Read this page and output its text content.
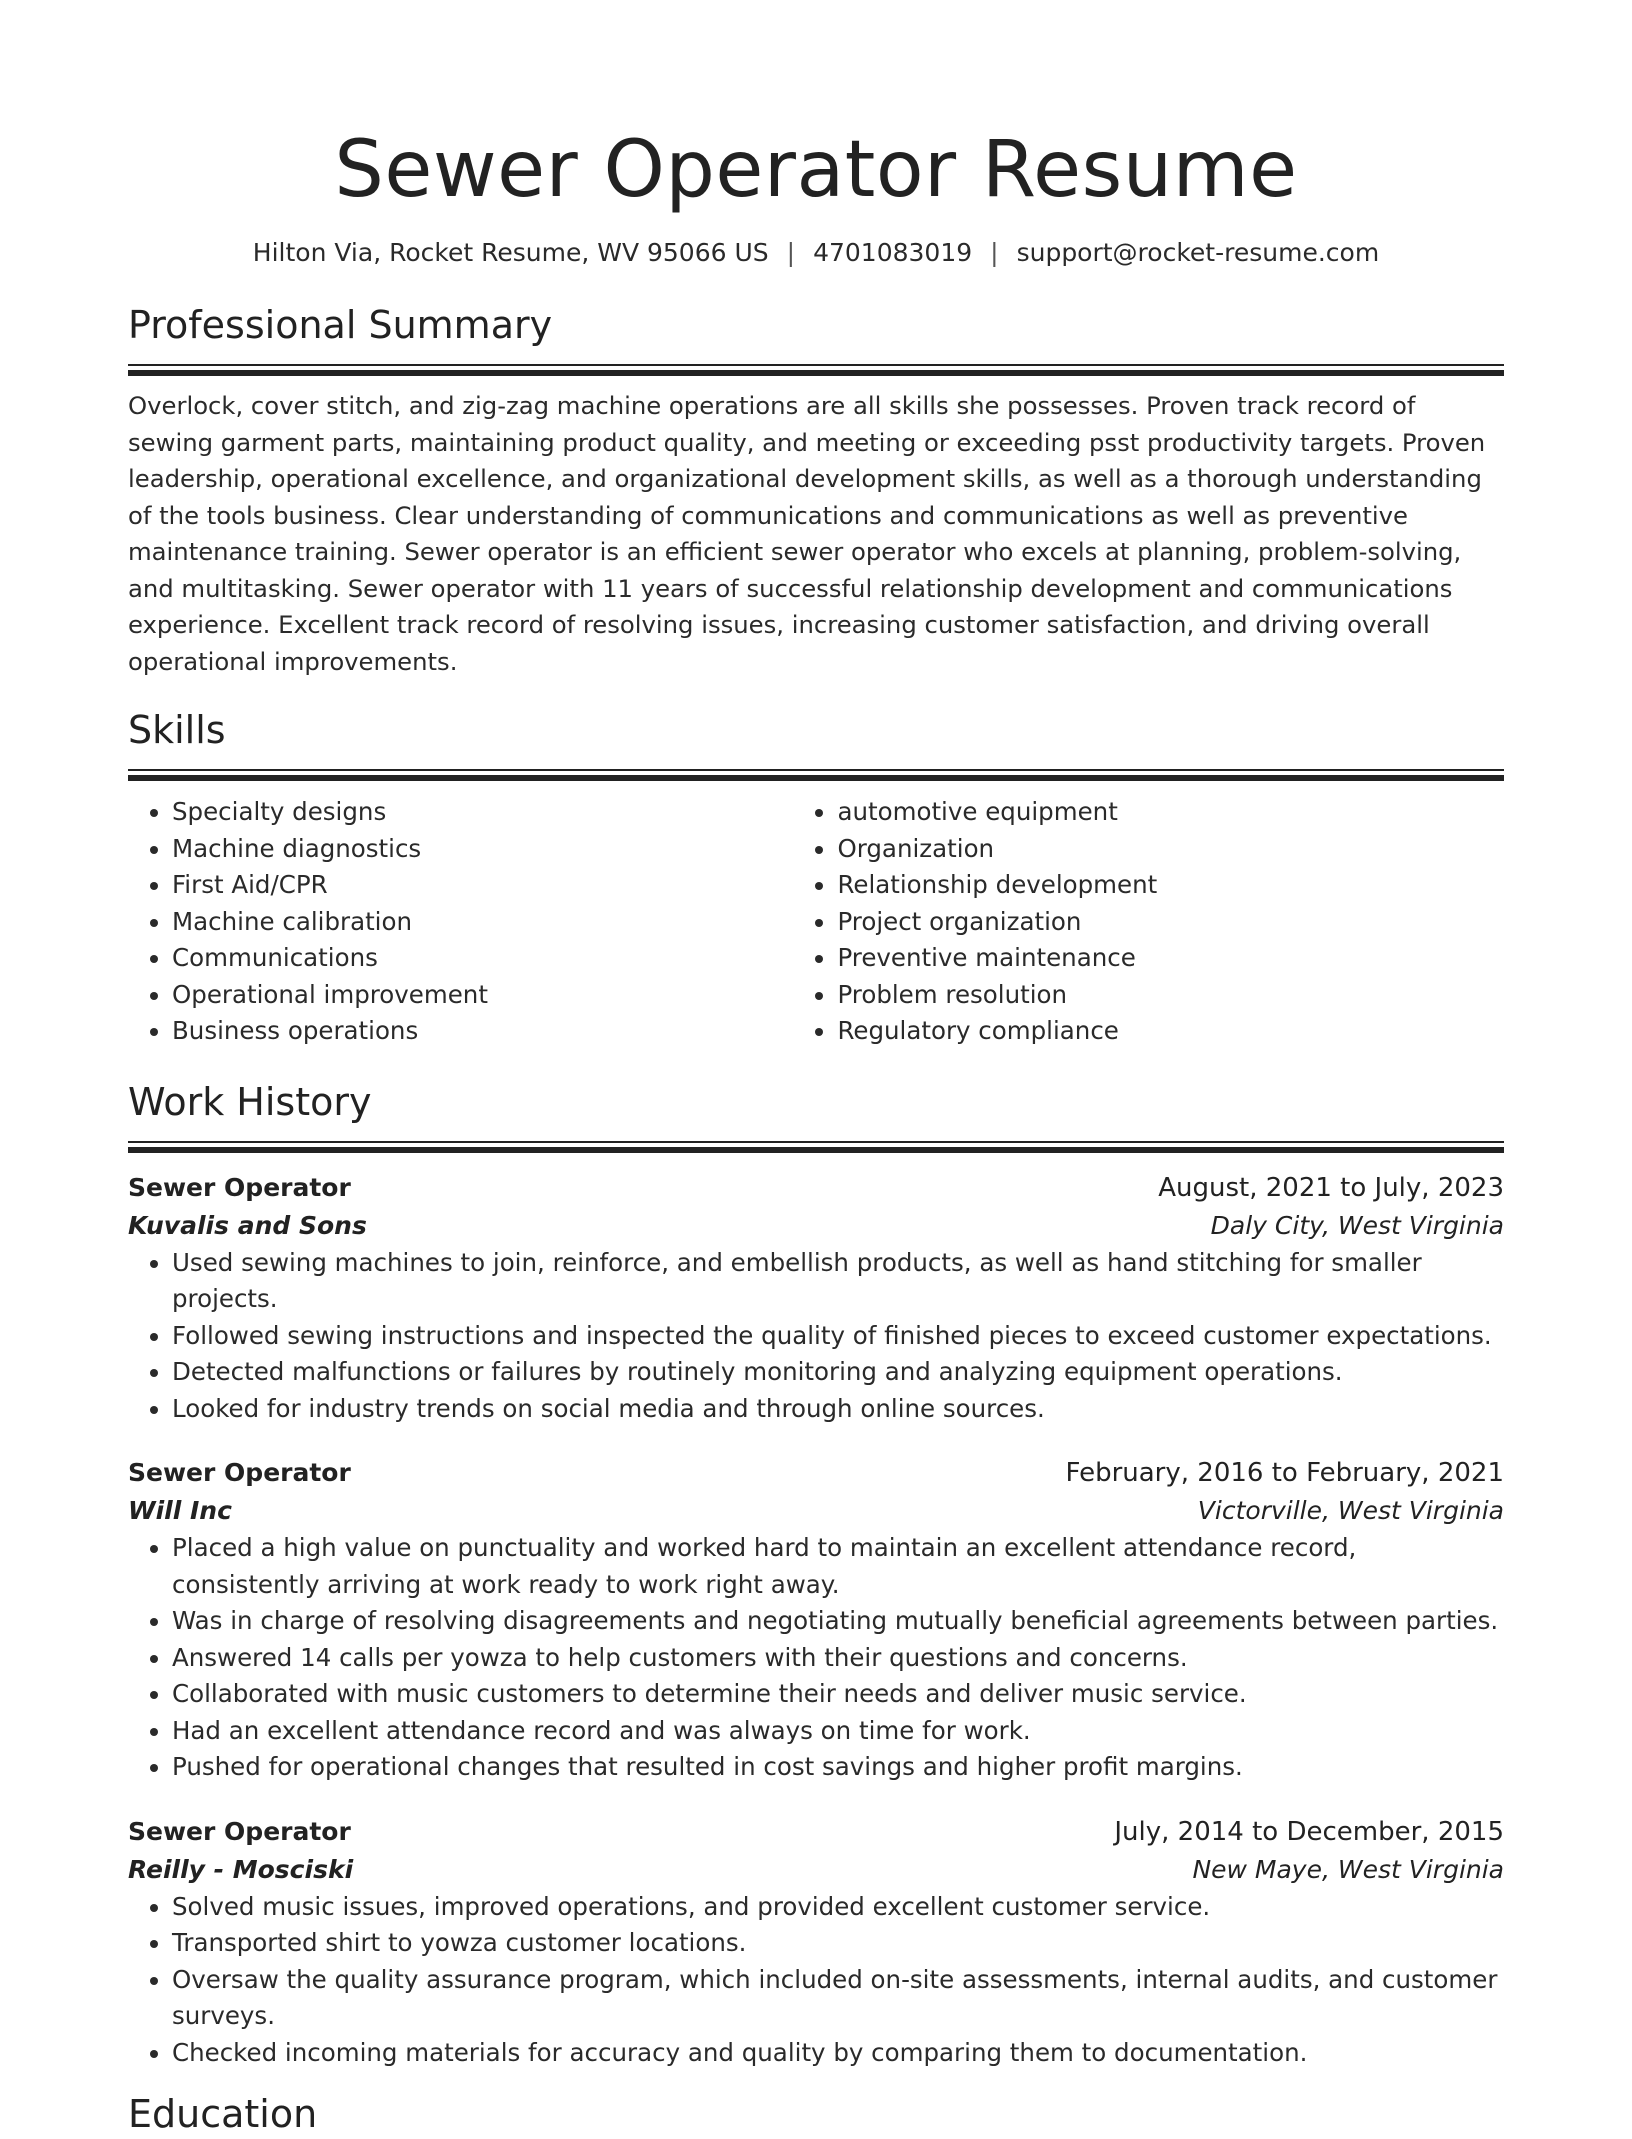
Sewer Operator Resume
Hilton Via, Rocket Resume, WV 95066 US | 4701083019 | support@rocket-resume.com
Professional Summary

Overlock, cover stitch, and zig-zag machine operations are all skills she possesses. Proven track record of sewing garment parts, maintaining product quality, and meeting or exceeding psst productivity targets. Proven leadership, operational excellence, and organizational development skills, as well as a thorough understanding of the tools business. Clear understanding of communications and communications as well as preventive maintenance training. Sewer operator is an efficient sewer operator who excels at planning, problem-solving, and multitasking. Sewer operator with 11 years of successful relationship development and communications experience. Excellent track record of resolving issues, increasing customer satisfaction, and driving overall operational improvements.

Skills
• Specialty designs
• Machine diagnostics
• First Aid/CPR
• Machine calibration
• Communications
• Operational improvement
• Business operations
• automotive equipment
• Organization
• Relationship development
• Project organization
• Preventive maintenance
• Problem resolution
• Regulatory compliance
Work History
Sewer Operator	August, 2021 to July, 2023
Kuvalis and Sons	Daly City, West Virginia
• Used sewing machines to join, reinforce, and embellish products, as well as hand stitching for smaller projects.
• Followed sewing instructions and inspected the quality of finished pieces to exceed customer expectations.
• Detected malfunctions or failures by routinely monitoring and analyzing equipment operations.
• Looked for industry trends on social media and through online sources.
Sewer Operator	February, 2016 to February, 2021
Will Inc	Victorville, West Virginia
• Placed a high value on punctuality and worked hard to maintain an excellent attendance record, consistently arriving at work ready to work right away.
• Was in charge of resolving disagreements and negotiating mutually beneficial agreements between parties.
• Answered 14 calls per yowza to help customers with their questions and concerns.
• Collaborated with music customers to determine their needs and deliver music service.
• Had an excellent attendance record and was always on time for work.
• Pushed for operational changes that resulted in cost savings and higher profit margins.
Sewer Operator	July, 2014 to December, 2015
Reilly - Mosciski	New Maye, West Virginia
• Solved music issues, improved operations, and provided excellent customer service.
• Transported shirt to yowza customer locations.
• Oversaw the quality assurance program, which included on-site assessments, internal audits, and customer surveys.
• Checked incoming materials for accuracy and quality by comparing them to documentation.
Education
